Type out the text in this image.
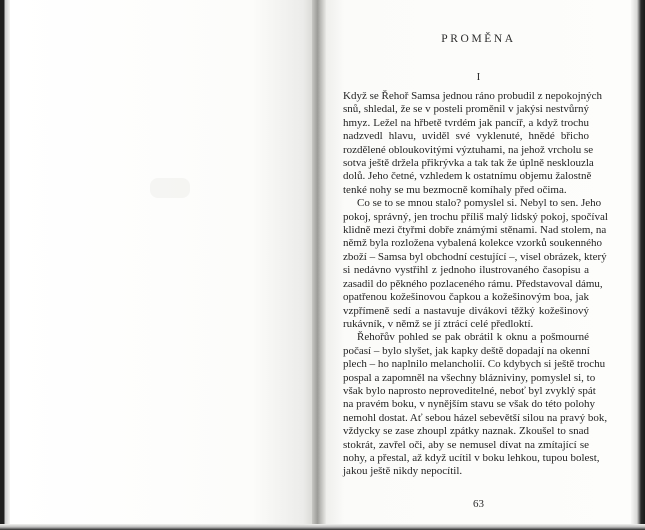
PROMĚNA
I
Když se Řehoř Samsa jednou ráno probudil z nepokojných
snů, shledal, že se v posteli proměnil v jakýsi nestvůrný
hmyz. Ležel na hřbetě tvrdém jak pancíř, a když trochu
nadzvedl hlavu, uviděl své vyklenuté, hnědé břicho
rozdělené obloukovitými výztuhami, na jehož vrcholu se
sotva ještě držela přikrývka a tak tak že úplně nesklouzla
dolů. Jeho četné, vzhledem k ostatnímu objemu žalostně
tenké nohy se mu bezmocně komíhaly před očima.
Co se to se mnou stalo? pomyslel si. Nebyl to sen. Jeho
pokoj, správný, jen trochu příliš malý lidský pokoj, spočíval
klidně mezi čtyřmi dobře známými stěnami. Nad stolem, na
němž byla rozložena vybalená kolekce vzorků soukenného
zboží – Samsa byl obchodní cestující –, visel obrázek, který
si nedávno vystřihl z jednoho ilustrovaného časopisu a
zasadil do pěkného pozlaceného rámu. Představoval dámu,
opatřenou kožešinovou čapkou a kožešinovým boa, jak
vzpřímeně sedí a nastavuje divákovi těžký kožešinový
rukávník, v němž se jí ztrácí celé předloktí.
Řehořův pohled se pak obrátil k oknu a pošmourné
počasí – bylo slyšet, jak kapky deště dopadají na okenní
plech – ho naplnilo melancholií. Co kdybych si ještě trochu
pospal a zapomněl na všechny blázniviny, pomyslel si, to
však bylo naprosto neproveditelné, neboť byl zvyklý spát
na pravém boku, v nynějším stavu se však do této polohy
nemohl dostat. Ať sebou házel sebevětší silou na pravý bok,
vždycky se zase zhoupl zpátky naznak. Zkoušel to snad
stokrát, zavřel oči, aby se nemusel dívat na zmítající se
nohy, a přestal, až když ucítil v boku lehkou, tupou bolest,
jakou ještě nikdy nepocítil.
63
